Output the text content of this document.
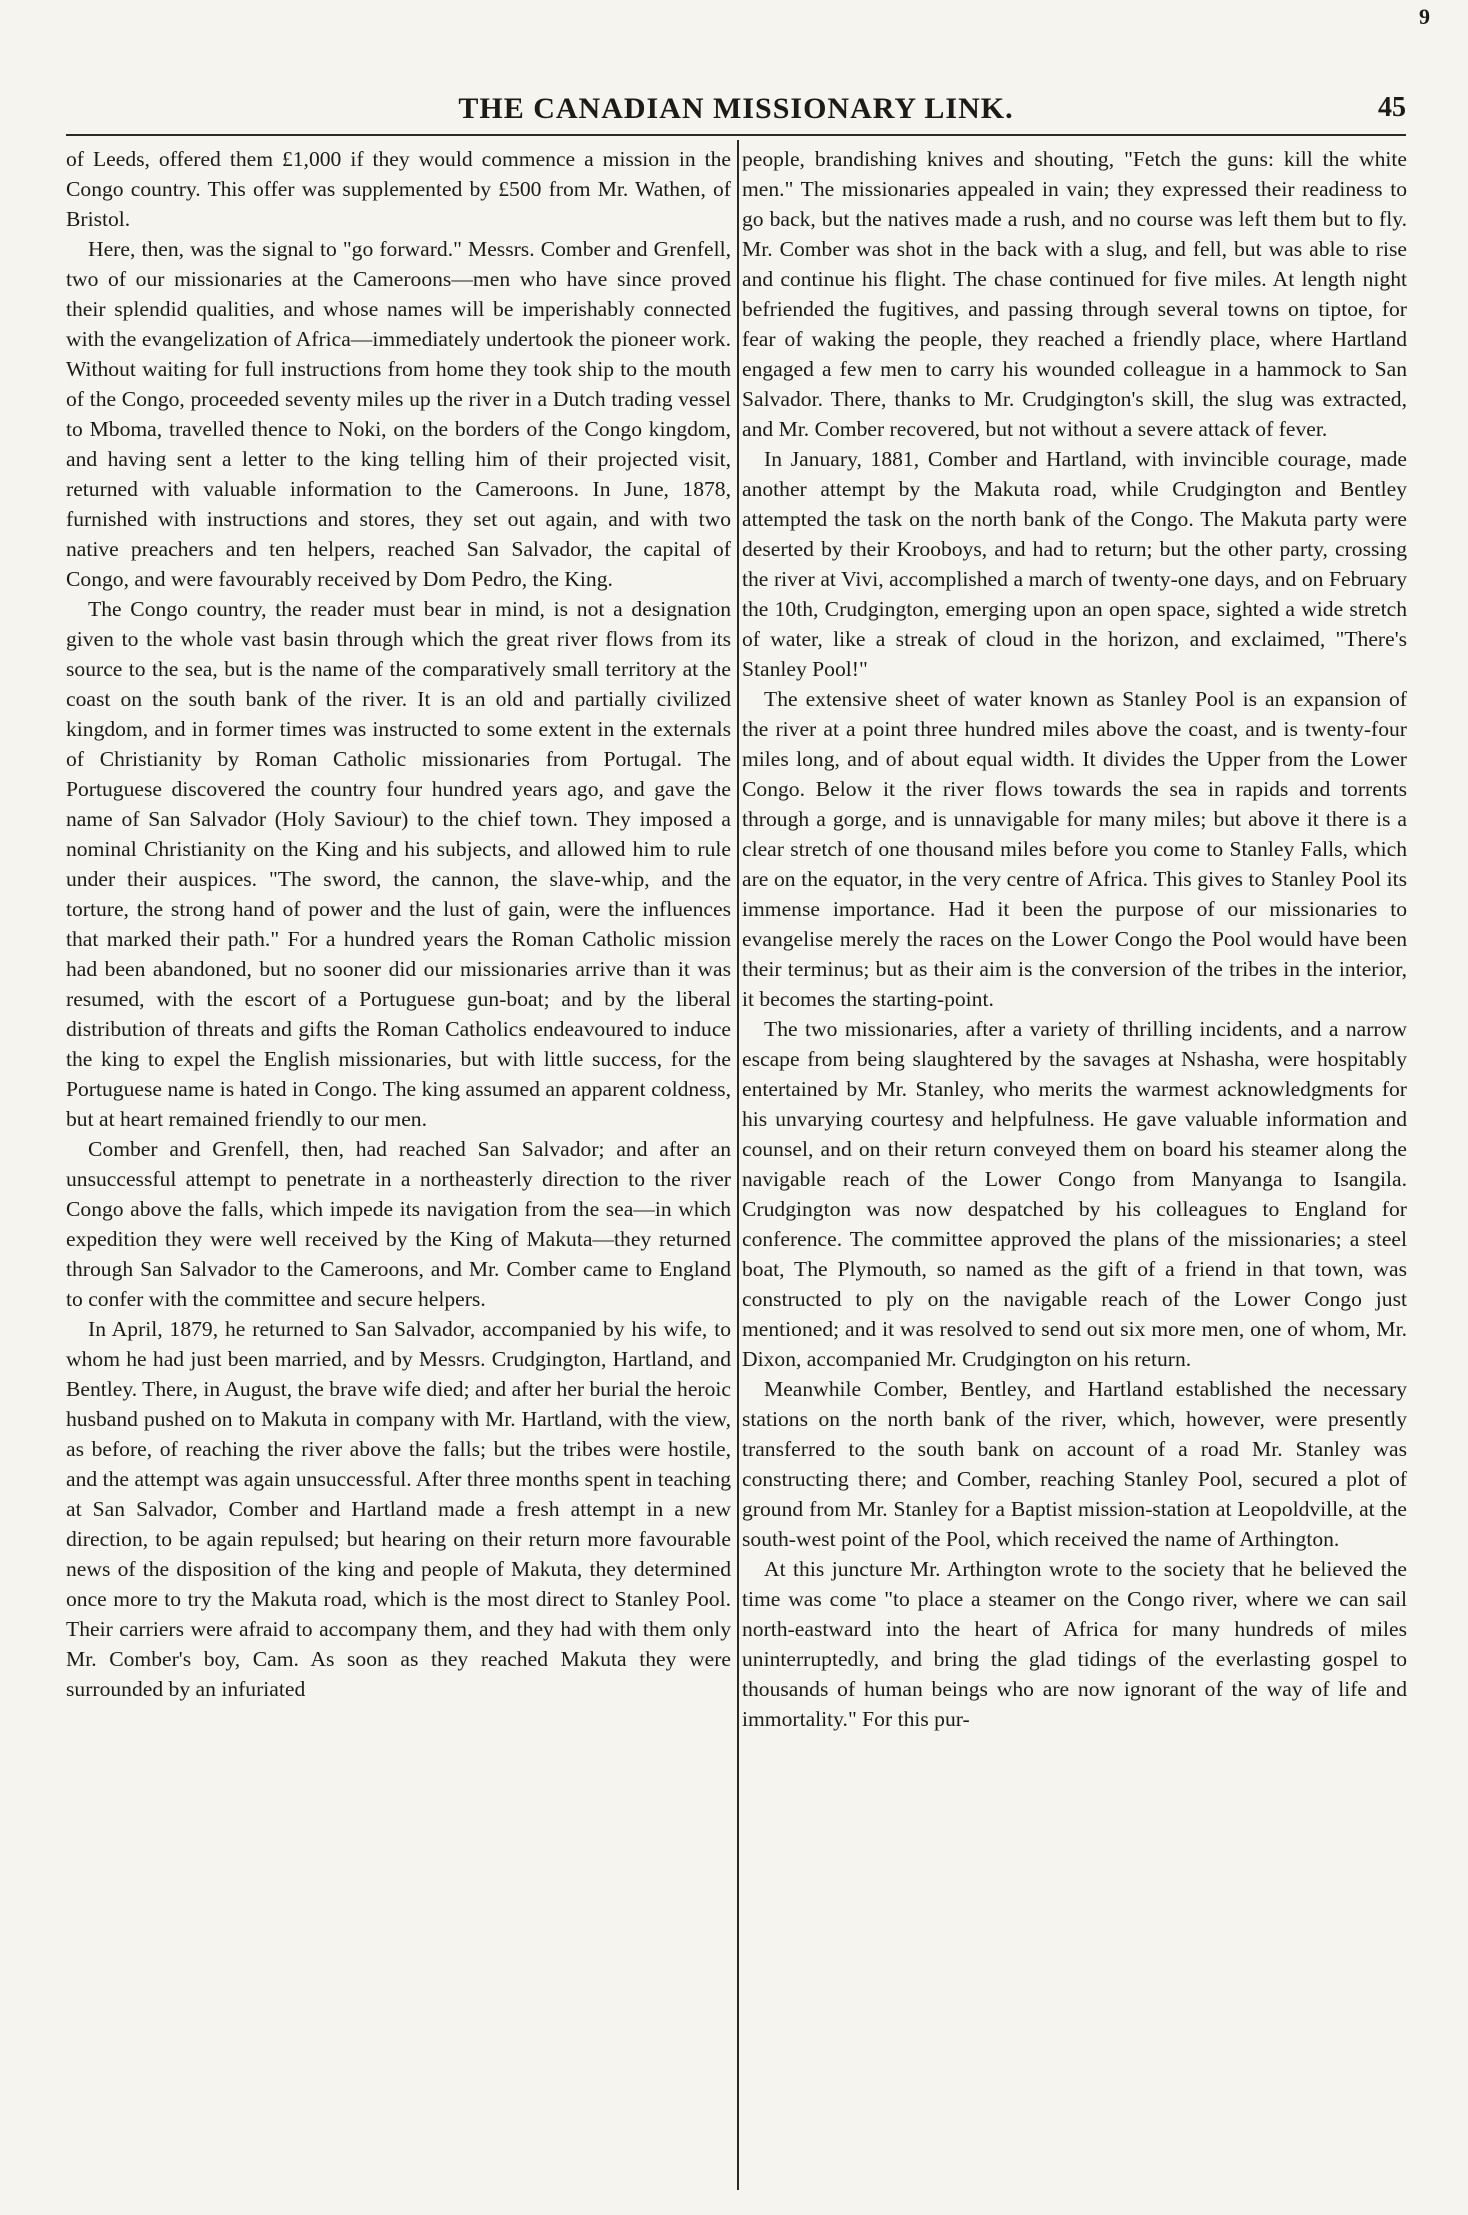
9
THE CANADIAN MISSIONARY LINK.	45

of Leeds, offered them £1,000 if they would commence a mission in the Congo country. This offer was supplemented by £500 from Mr. Wathen, of Bristol.

Here, then, was the signal to "go forward." Messrs. Comber and Grenfell, two of our missionaries at the Cameroons—men who have since proved their splendid qualities, and whose names will be imperishably connected with the evangelization of Africa—immediately undertook the pioneer work. Without waiting for full instructions from home they took ship to the mouth of the Congo, proceeded seventy miles up the river in a Dutch trading vessel to Mboma, travelled thence to Noki, on the borders of the Congo kingdom, and having sent a letter to the king telling him of their projected visit, returned with valuable information to the Cameroons. In June, 1878, furnished with instructions and stores, they set out again, and with two native preachers and ten helpers, reached San Salvador, the capital of Congo, and were favourably received by Dom Pedro, the King.

The Congo country, the reader must bear in mind, is not a designation given to the whole vast basin through which the great river flows from its source to the sea, but is the name of the comparatively small territory at the coast on the south bank of the river. It is an old and partially civilized kingdom, and in former times was instructed to some extent in the externals of Christianity by Roman Catholic missionaries from Portugal. The Portuguese discovered the country four hundred years ago, and gave the name of San Salvador (Holy Saviour) to the chief town. They imposed a nominal Christianity on the King and his subjects, and allowed him to rule under their auspices. "The sword, the cannon, the slave-whip, and the torture, the strong hand of power and the lust of gain, were the influences that marked their path." For a hundred years the Roman Catholic mission had been abandoned, but no sooner did our missionaries arrive than it was resumed, with the escort of a Portuguese gun-boat; and by the liberal distribution of threats and gifts the Roman Catholics endeavoured to induce the king to expel the English missionaries, but with little success, for the Portuguese name is hated in Congo. The king assumed an apparent coldness, but at heart remained friendly to our men.

Comber and Grenfell, then, had reached San Salvador; and after an unsuccessful attempt to penetrate in a northeasterly direction to the river Congo above the falls, which impede its navigation from the sea—in which expedition they were well received by the King of Makuta—they returned through San Salvador to the Cameroons, and Mr. Comber came to England to confer with the committee and secure helpers.

In April, 1879, he returned to San Salvador, accompanied by his wife, to whom he had just been married, and by Messrs. Crudgington, Hartland, and Bentley. There, in August, the brave wife died; and after her burial the heroic husband pushed on to Makuta in company with Mr. Hartland, with the view, as before, of reaching the river above the falls; but the tribes were hostile, and the attempt was again unsuccessful. After three months spent in teaching at San Salvador, Comber and Hartland made a fresh attempt in a new direction, to be again repulsed; but hearing on their return more favourable news of the disposition of the king and people of Makuta, they determined once more to try the Makuta road, which is the most direct to Stanley Pool. Their carriers were afraid to accompany them, and they had with them only Mr. Comber's boy, Cam. As soon as they reached Makuta they were surrounded by an infuriated

people, brandishing knives and shouting, "Fetch the guns: kill the white men." The missionaries appealed in vain; they expressed their readiness to go back, but the natives made a rush, and no course was left them but to fly. Mr. Comber was shot in the back with a slug, and fell, but was able to rise and continue his flight. The chase continued for five miles. At length night befriended the fugitives, and passing through several towns on tiptoe, for fear of waking the people, they reached a friendly place, where Hartland engaged a few men to carry his wounded colleague in a hammock to San Salvador. There, thanks to Mr. Crudgington's skill, the slug was extracted, and Mr. Comber recovered, but not without a severe attack of fever.

In January, 1881, Comber and Hartland, with invincible courage, made another attempt by the Makuta road, while Crudgington and Bentley attempted the task on the north bank of the Congo. The Makuta party were deserted by their Krooboys, and had to return; but the other party, crossing the river at Vivi, accomplished a march of twenty-one days, and on February the 10th, Crudgington, emerging upon an open space, sighted a wide stretch of water, like a streak of cloud in the horizon, and exclaimed, "There's Stanley Pool!"

The extensive sheet of water known as Stanley Pool is an expansion of the river at a point three hundred miles above the coast, and is twenty-four miles long, and of about equal width. It divides the Upper from the Lower Congo. Below it the river flows towards the sea in rapids and torrents through a gorge, and is unnavigable for many miles; but above it there is a clear stretch of one thousand miles before you come to Stanley Falls, which are on the equator, in the very centre of Africa. This gives to Stanley Pool its immense importance. Had it been the purpose of our missionaries to evangelise merely the races on the Lower Congo the Pool would have been their terminus; but as their aim is the conversion of the tribes in the interior, it becomes the starting-point.

The two missionaries, after a variety of thrilling incidents, and a narrow escape from being slaughtered by the savages at Nshasha, were hospitably entertained by Mr. Stanley, who merits the warmest acknowledgments for his unvarying courtesy and helpfulness. He gave valuable information and counsel, and on their return conveyed them on board his steamer along the navigable reach of the Lower Congo from Manyanga to Isangila. Crudgington was now despatched by his colleagues to England for conference. The committee approved the plans of the missionaries; a steel boat, The Plymouth, so named as the gift of a friend in that town, was constructed to ply on the navigable reach of the Lower Congo just mentioned; and it was resolved to send out six more men, one of whom, Mr. Dixon, accompanied Mr. Crudgington on his return.

Meanwhile Comber, Bentley, and Hartland established the necessary stations on the north bank of the river, which, however, were presently transferred to the south bank on account of a road Mr. Stanley was constructing there; and Comber, reaching Stanley Pool, secured a plot of ground from Mr. Stanley for a Baptist mission-station at Leopoldville, at the south-west point of the Pool, which received the name of Arthington.

At this juncture Mr. Arthington wrote to the society that he believed the time was come "to place a steamer on the Congo river, where we can sail north-eastward into the heart of Africa for many hundreds of miles uninterruptedly, and bring the glad tidings of the everlasting gospel to thousands of human beings who are now ignorant of the way of life and immortality." For this pur-
